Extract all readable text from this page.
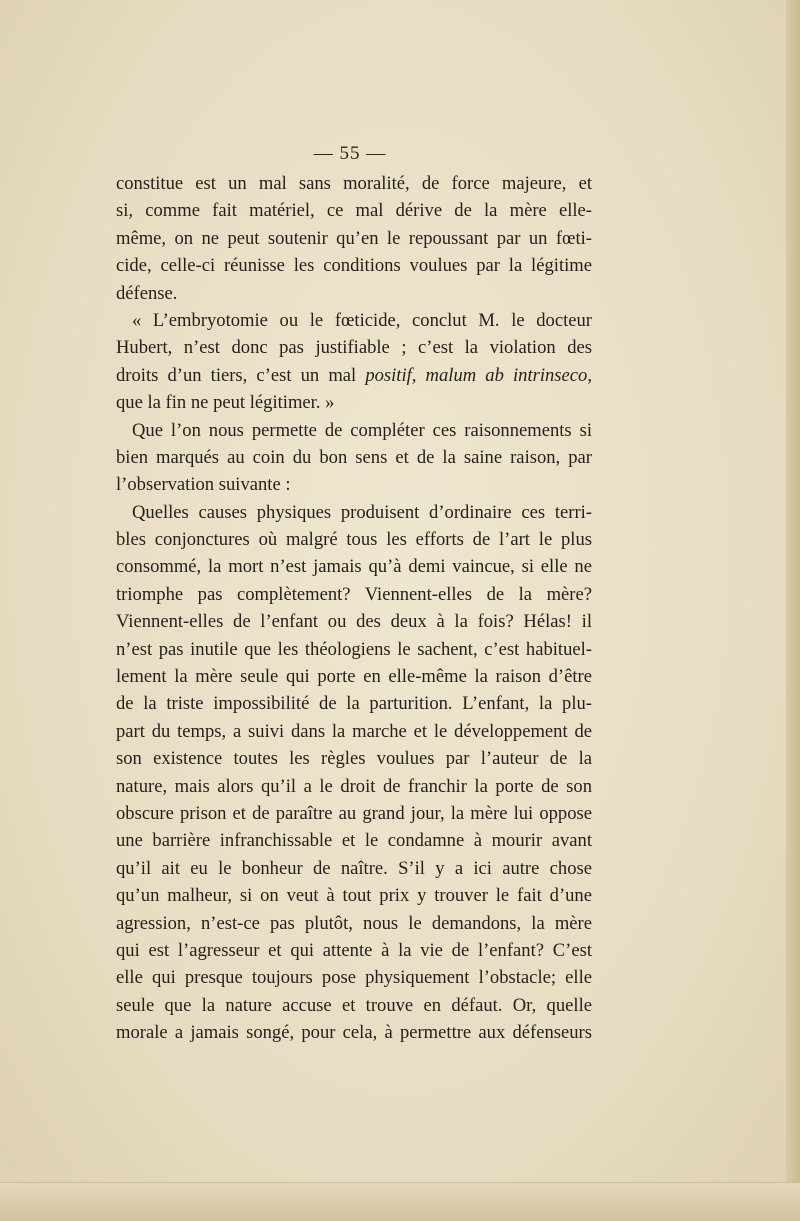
— 55 —
constitue est un mal sans moralité, de force majeure, et
si, comme fait matériel, ce mal dérive de la mère elle-
même, on ne peut soutenir qu’en le repoussant par un fœti-
cide, celle-ci réunisse les conditions voulues par la légitime
défense.
« L’embryotomie ou le fœticide, conclut M. le docteur
Hubert, n’est donc pas justifiable ; c’est la violation des
droits d’un tiers, c’est un mal positif, malum ab intrinseco,
que la fin ne peut légitimer. »
Que l’on nous permette de compléter ces raisonnements si
bien marqués au coin du bon sens et de la saine raison, par
l’observation suivante :
Quelles causes physiques produisent d’ordinaire ces terri-
bles conjonctures où malgré tous les efforts de l’art le plus
consommé, la mort n’est jamais qu’à demi vaincue, si elle ne
triomphe pas complètement? Viennent-elles de la mère?
Viennent-elles de l’enfant ou des deux à la fois? Hélas! il
n’est pas inutile que les théologiens le sachent, c’est habituel-
lement la mère seule qui porte en elle-même la raison d’être
de la triste impossibilité de la parturition. L’enfant, la plu-
part du temps, a suivi dans la marche et le développement de
son existence toutes les règles voulues par l’auteur de la
nature, mais alors qu’il a le droit de franchir la porte de son
obscure prison et de paraître au grand jour, la mère lui oppose
une barrière infranchissable et le condamne à mourir avant
qu’il ait eu le bonheur de naître. S’il y a ici autre chose
qu’un malheur, si on veut à tout prix y trouver le fait d’une
agression, n’est-ce pas plutôt, nous le demandons, la mère
qui est l’agresseur et qui attente à la vie de l’enfant? C’est
elle qui presque toujours pose physiquement l’obstacle; elle
seule que la nature accuse et trouve en défaut. Or, quelle
morale a jamais songé, pour cela, à permettre aux défenseurs
